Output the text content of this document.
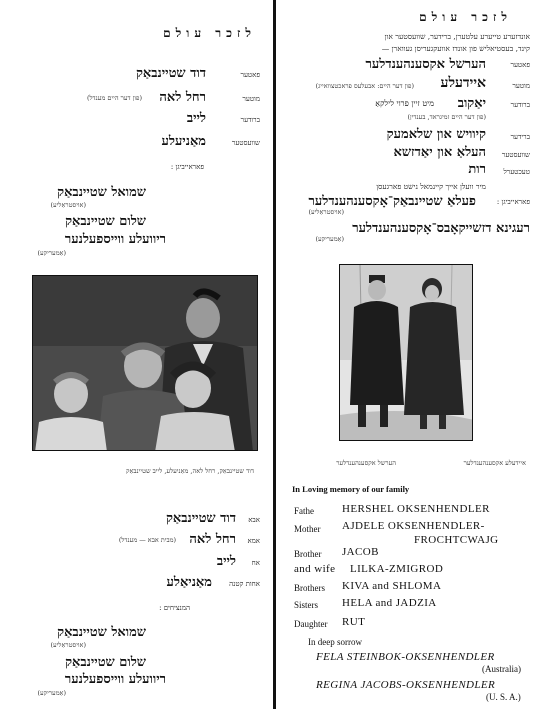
לזכר עולם
אונדזערע טייערע עלטערן, ברידער, שוועסטער און
קינד, בעסטיאליש פון אונדז אוועקגעריסן געווארן —
פאטער
הערשל אקסענהענדלער
מוטער
איידעלע
(פון דער היים: אבעלעס פראכטצוואייג)
ברודער
יאַקוב
מיט זיין פרוי לילקאַ
(פון דער היים זמיגראד, בענדין)
ברידער
קיוויש און שלאמעק
שוועסטער
העלאַ און יאַדזשא
טעכטערל
רות
מיר וועלן אייך קיינמאל נישט פארגעסן
פאראייביגן :
פעלאַ שטיינבאַק־אָקסענהענדלער
(אויסטראַליע)
רעגינא דזשייקאָבס־אָקסענהענדלער
(אַמעריקע)
איידעלע אקסענהענדלער
הערשל אקסענהענדלער
In Loving memory of our family
Fathe	HERSHEL OKSENHENDLER
Mother AJDELE OKSENHENDLER-
FROCHTCWAJG
Brother JACOB
and wife LILKA-ZMIGROD
Brothers KIVA and SHLOMA
Sisters HELA and JADZIA
Daughter RUT
In deep sorrow
FELA STEINBOK-OKSENHENDLER
(Australia)
REGINA JACOBS-OKSENHENDLER
(U. S. A.)
לזכר עולם
פאטער
דוד שטיינבאַק
מוטער
רחל לאה
(פון דער היים מענדל)
ברודער
לייב
שוועסטער
מאַניעלע
פאראייביגן :
שמואל שטיינבאַק
(אויסטראַליע)
שלום שטיינבאַק
ריוועלע ווייספעלנער
(אַמעריקע)
דוד שטיינבאַק, רחל לאה, מאַניעלע, לייב שטיינבאַק
אבא
דוד שטיינבאַק
אמא
רחל לאה
(מבית אבא — מענדל)
אח
לייב
אחות קטנה
מאַניאַלע
המנציחים :
שמואל שטיינבאַק
(אויסטראַליע)
שלום שטיינבאַק
ריוועלע ווייספעלנער
(אַמעריקע)
